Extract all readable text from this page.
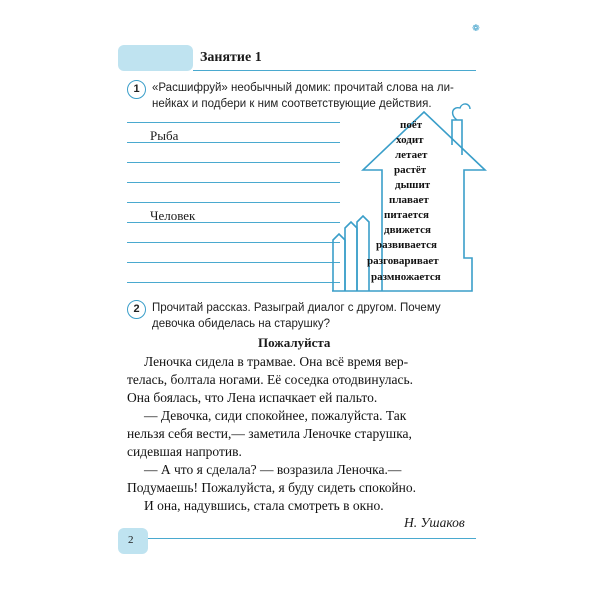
Занятие 1
❁
1	«Расшифруй» необычный домик: прочитай слова на ли-
нейках и подбери к ним соответствующие действия.
Рыба
Человек
поёт
ходит
летает
растёт
дышит
плавает
питается
движется
развивается
разговаривает
размножается
2	Прочитай рассказ. Разыграй диалог с другом. Почему
девочка обиделась на старушку?
Пожалуйста
Леночка сидела в трамвае. Она всё время вер-
телась, болтала ногами. Её соседка отодвинулась.
Она боялась, что Лена испачкает ей пальто.
— Девочка, сиди спокойнее, пожалуйста. Так
нельзя себя вести,— заметила Леночке старушка,
сидевшая напротив.
— А что я сделала? — возразила Леночка.—
Подумаешь! Пожалуйста, я буду сидеть спокойно.
И она, надувшись, стала смотреть в окно.
Н. Ушаков
2
